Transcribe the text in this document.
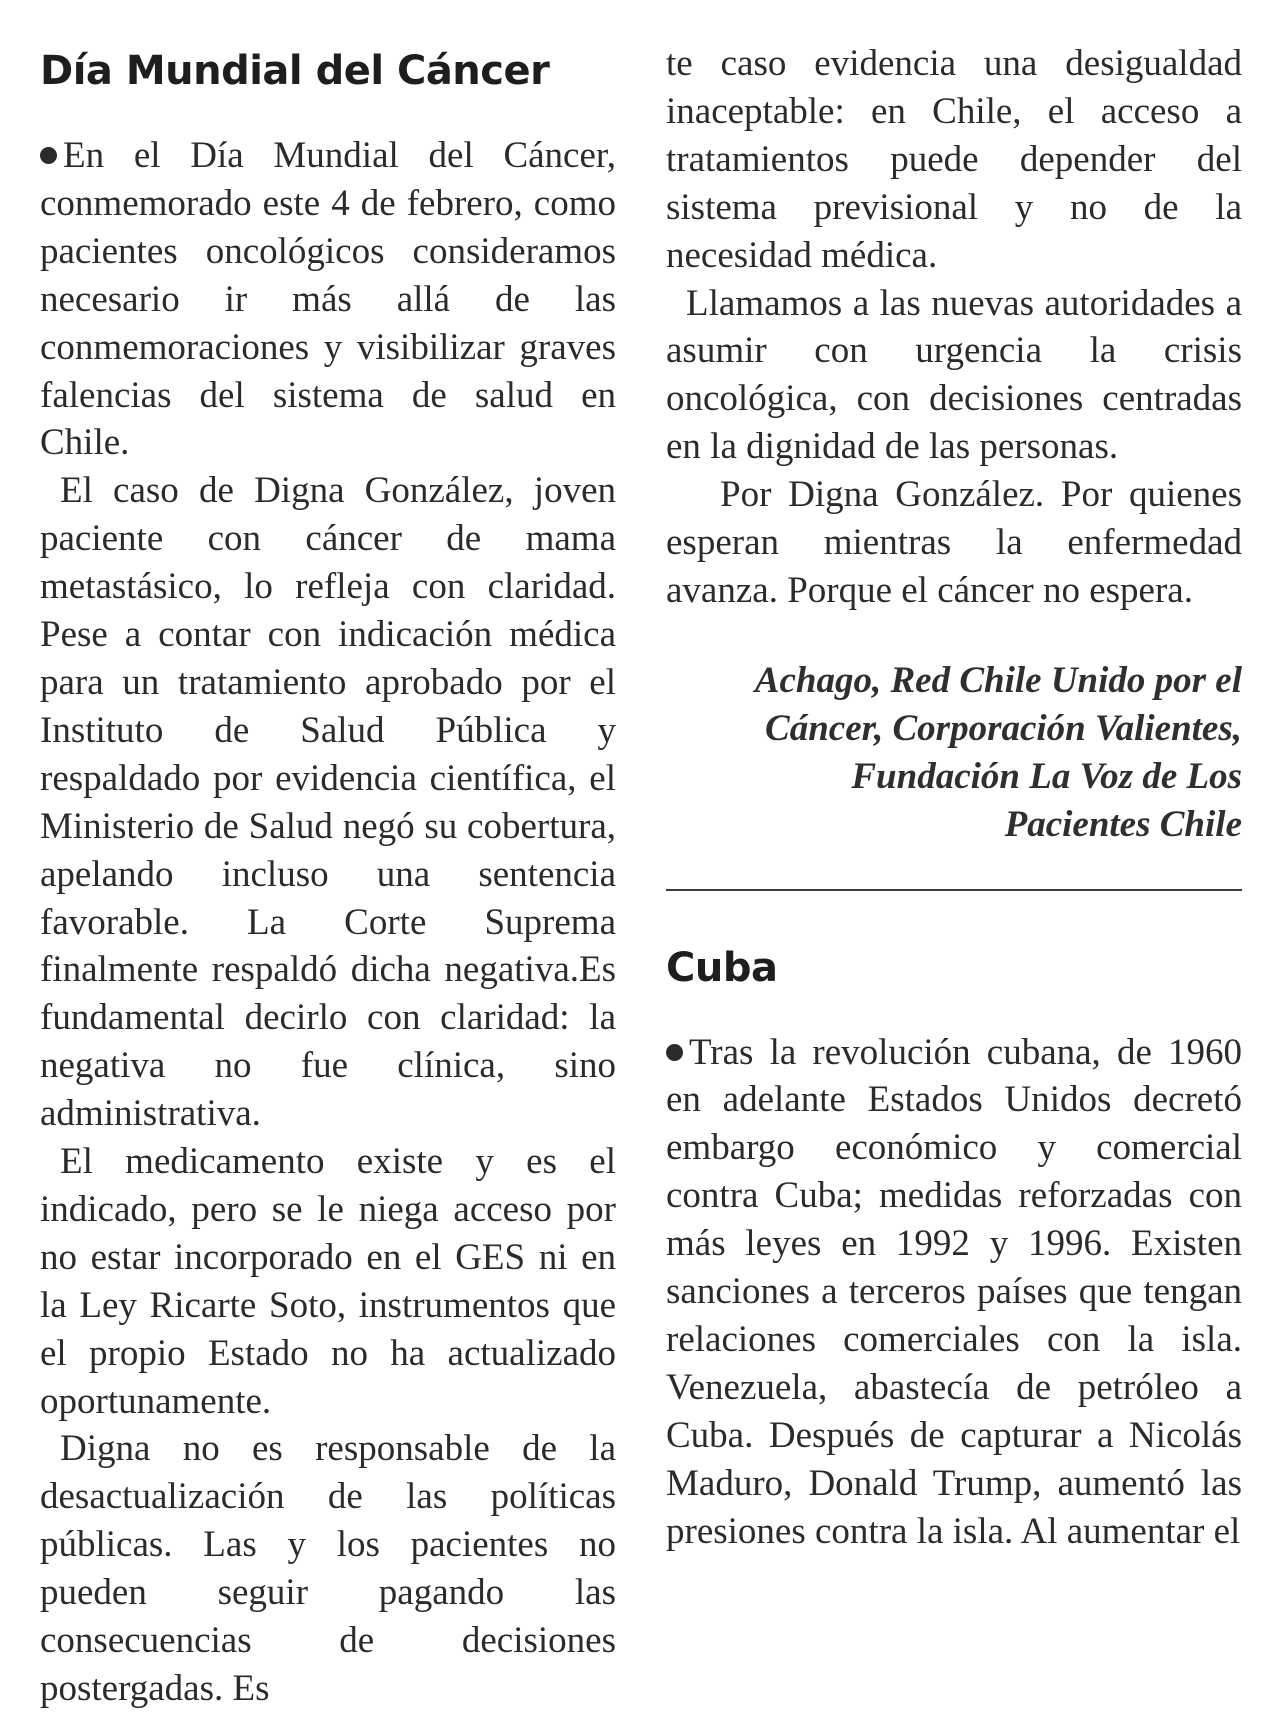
Día Mundial del Cáncer

En el Día Mundial del Cáncer, conmemorado este 4 de febrero, como pacientes oncológicos consideramos necesario ir más allá de las conmemoraciones y visibilizar graves falencias del sistema de salud en Chile.

El caso de Digna González, joven paciente con cáncer de mama metastásico, lo refleja con claridad. Pese a contar con indicación médica para un tratamiento aprobado por el Instituto de Salud Pública y respaldado por evidencia científica, el Ministerio de Salud negó su cobertura, apelando incluso una sentencia favorable. La Corte Suprema finalmente respaldó dicha negativa.Es fundamental decirlo con claridad: la negativa no fue clínica, sino administrativa.

El medicamento existe y es el indicado, pero se le niega acceso por no estar incorporado en el GES ni en la Ley Ricarte Soto, instrumentos que el propio Estado no ha actualizado oportunamente.

Digna no es responsable de la desactualización de las políticas públicas. Las y los pacientes no pueden seguir pagando las consecuencias de decisiones postergadas. Es

te caso evidencia una desigualdad inaceptable: en Chile, el acceso a tratamientos puede depender del sistema previsional y no de la necesidad médica.

Llamamos a las nuevas autoridades a asumir con urgencia la crisis oncológica, con decisiones centradas en la dignidad de las personas.

Por Digna González. Por quienes esperan mientras la enfermedad avanza. Porque el cáncer no espera.

Achago, Red Chile Unido por el
Cáncer, Corporación Valientes,
Fundación La Voz de Los
Pacientes Chile
Cuba

Tras la revolución cubana, de 1960 en adelante Estados Unidos decretó embargo económico y comercial contra Cuba; medidas reforzadas con más leyes en 1992 y 1996. Existen sanciones a terceros países que tengan relaciones comerciales con la isla. Venezuela, abastecía de petróleo a Cuba. Después de capturar a Nicolás Maduro, Donald Trump, aumentó las presiones contra la isla. Al aumentar el
